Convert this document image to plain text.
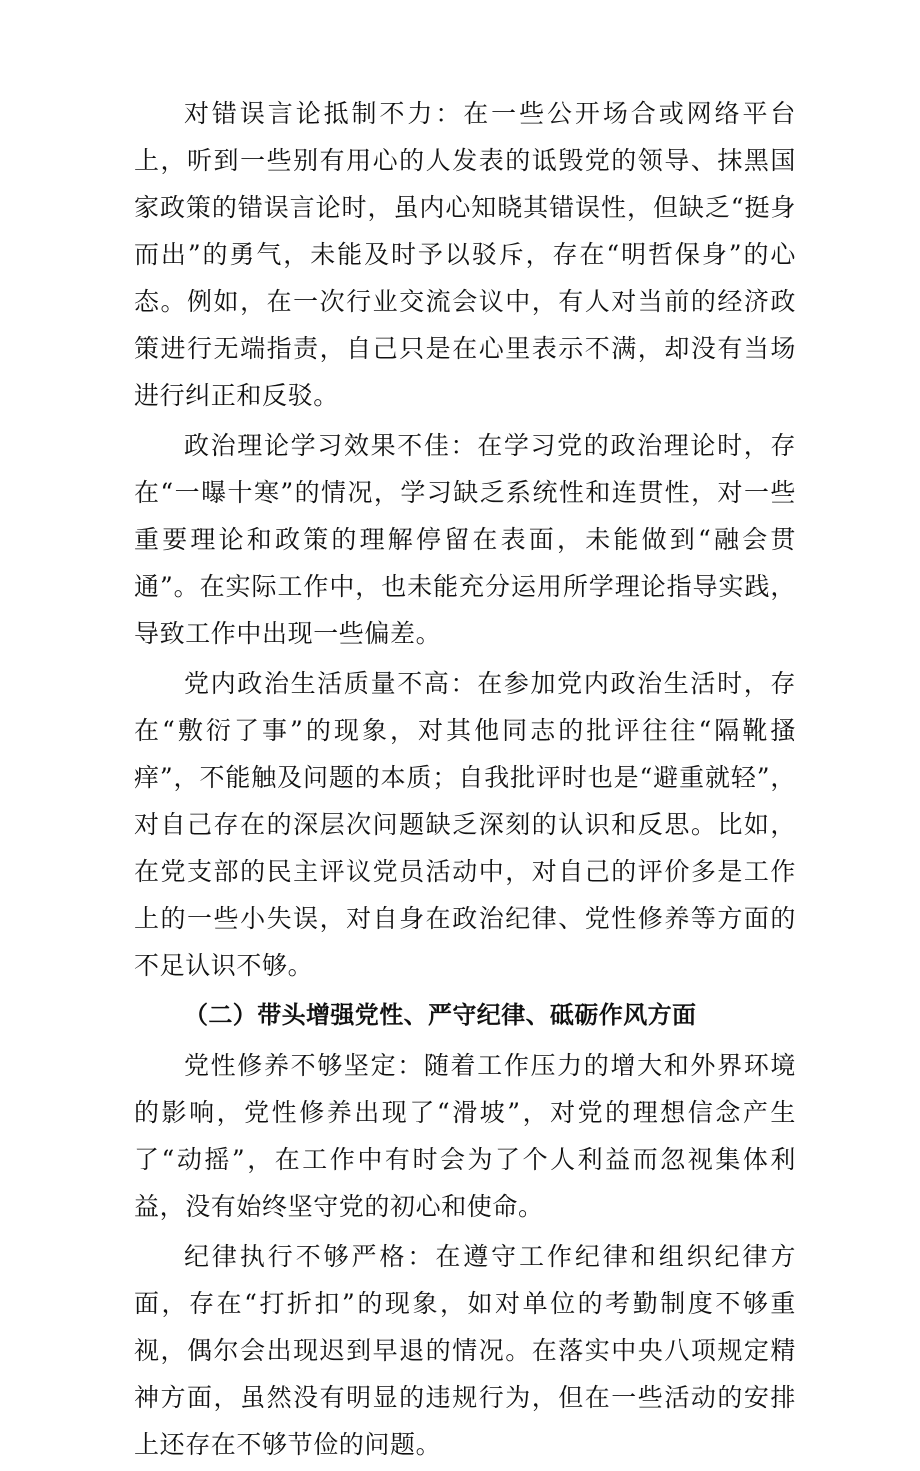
对错误言论抵制不力：在一些公开场合或网络平台上，听到一些别有用心的人发表的诋毁党的领导、抹黑国家政策的错误言论时，虽内心知晓其错误性，但缺乏“挺身而出”的勇气，未能及时予以驳斥，存在“明哲保身”的心态。例如，在一次行业交流会议中，有人对当前的经济政策进行无端指责，自己只是在心里表示不满，却没有当场进行纠正和反驳。

政治理论学习效果不佳：在学习党的政治理论时，存在“一曝十寒”的情况，学习缺乏系统性和连贯性，对一些重要理论和政策的理解停留在表面，未能做到“融会贯通”。在实际工作中，也未能充分运用所学理论指导实践，导致工作中出现一些偏差。

党内政治生活质量不高：在参加党内政治生活时，存在“敷衍了事”的现象，对其他同志的批评往往“隔靴搔痒”，不能触及问题的本质；自我批评时也是“避重就轻”，对自己存在的深层次问题缺乏深刻的认识和反思。比如，在党支部的民主评议党员活动中，对自己的评价多是工作上的一些小失误，对自身在政治纪律、党性修养等方面的不足认识不够。

（二）带头增强党性、严守纪律、砥砺作风方面

党性修养不够坚定：随着工作压力的增大和外界环境的影响，党性修养出现了“滑坡”，对党的理想信念产生了“动摇”，在工作中有时会为了个人利益而忽视集体利益，没有始终坚守党的初心和使命。

纪律执行不够严格：在遵守工作纪律和组织纪律方面，存在“打折扣”的现象，如对单位的考勤制度不够重视，偶尔会出现迟到早退的情况。在落实中央八项规定精神方面，虽然没有明显的违规行为，但在一些活动的安排上还存在不够节俭的问题。
